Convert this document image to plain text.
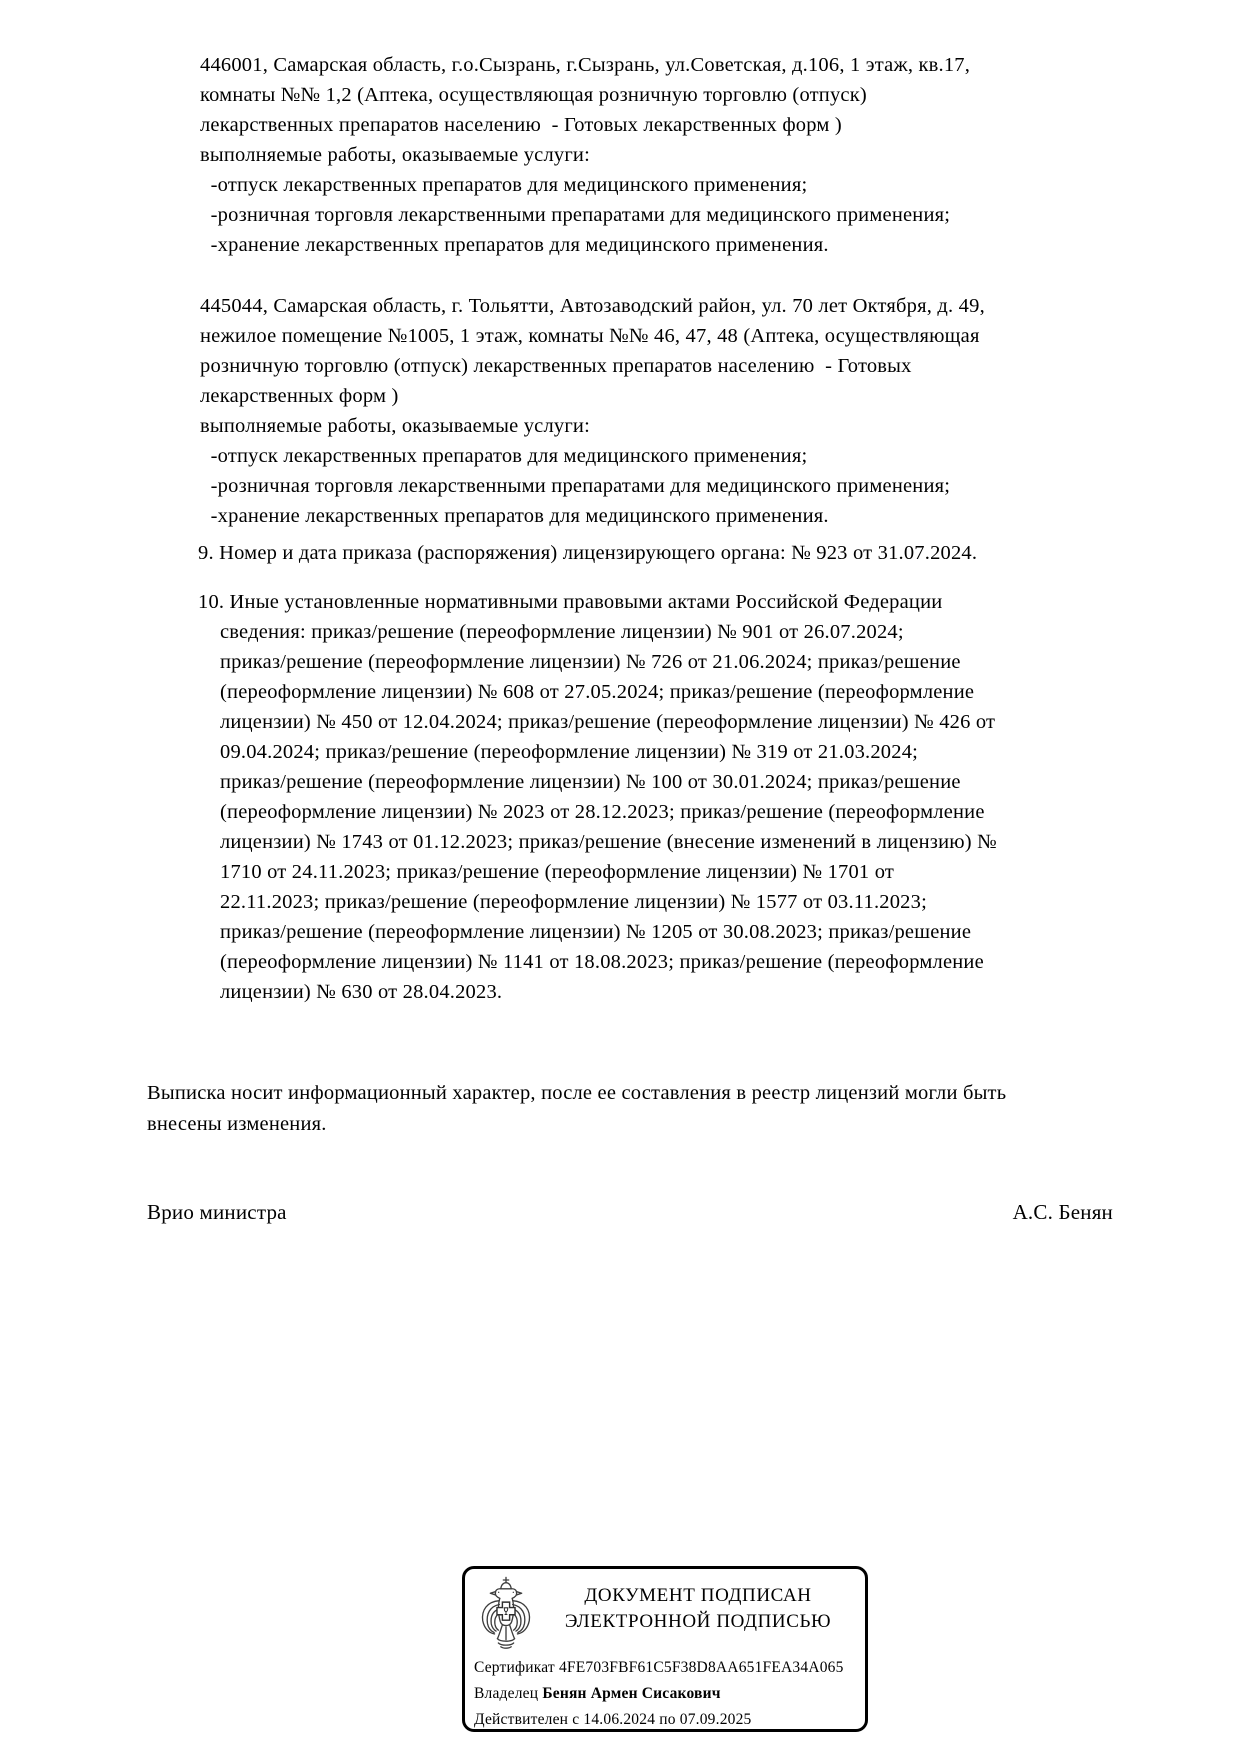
446001, Самарская область, г.о.Сызрань, г.Сызрань, ул.Советская, д.106, 1 этаж, кв.17,
комнаты №№ 1,2 (Аптека, осуществляющая розничную торговлю (отпуск)
лекарственных препаратов населению  - Готовых лекарственных форм )
выполняемые работы, оказываемые услуги:
-отпуск лекарственных препаратов для медицинского применения;
-розничная торговля лекарственными препаратами для медицинского применения;
-хранение лекарственных препаратов для медицинского применения.
445044, Самарская область, г. Тольятти, Автозаводский район, ул. 70 лет Октября, д. 49,
нежилое помещение №1005, 1 этаж, комнаты №№ 46, 47, 48 (Аптека, осуществляющая
розничную торговлю (отпуск) лекарственных препаратов населению  - Готовых
лекарственных форм )
выполняемые работы, оказываемые услуги:
-отпуск лекарственных препаратов для медицинского применения;
-розничная торговля лекарственными препаратами для медицинского применения;
-хранение лекарственных препаратов для медицинского применения.
9. Номер и дата приказа (распоряжения) лицензирующего органа: № 923 от 31.07.2024.
10. Иные установленные нормативными правовыми актами Российской Федерации
сведения: приказ/решение (переоформление лицензии) № 901 от 26.07.2024;
приказ/решение (переоформление лицензии) № 726 от 21.06.2024; приказ/решение
(переоформление лицензии) № 608 от 27.05.2024; приказ/решение (переоформление
лицензии) № 450 от 12.04.2024; приказ/решение (переоформление лицензии) № 426 от
09.04.2024; приказ/решение (переоформление лицензии) № 319 от 21.03.2024;
приказ/решение (переоформление лицензии) № 100 от 30.01.2024; приказ/решение
(переоформление лицензии) № 2023 от 28.12.2023; приказ/решение (переоформление
лицензии) № 1743 от 01.12.2023; приказ/решение (внесение изменений в лицензию) №
1710 от 24.11.2023; приказ/решение (переоформление лицензии) № 1701 от
22.11.2023; приказ/решение (переоформление лицензии) № 1577 от 03.11.2023;
приказ/решение (переоформление лицензии) № 1205 от 30.08.2023; приказ/решение
(переоформление лицензии) № 1141 от 18.08.2023; приказ/решение (переоформление
лицензии) № 630 от 28.04.2023.
Выписка носит информационный характер, после ее составления в реестр лицензий могли быть
внесены изменения.
Врио министра	А.С. Бенян
ДОКУМЕНТ ПОДПИСАН
ЭЛЕКТРОННОЙ ПОДПИСЬЮ
Сертификат 4FE703FBF61C5F38D8AA651FEA34A065
Владелец Бенян Армен Сисакович
Действителен с 14.06.2024 по 07.09.2025
